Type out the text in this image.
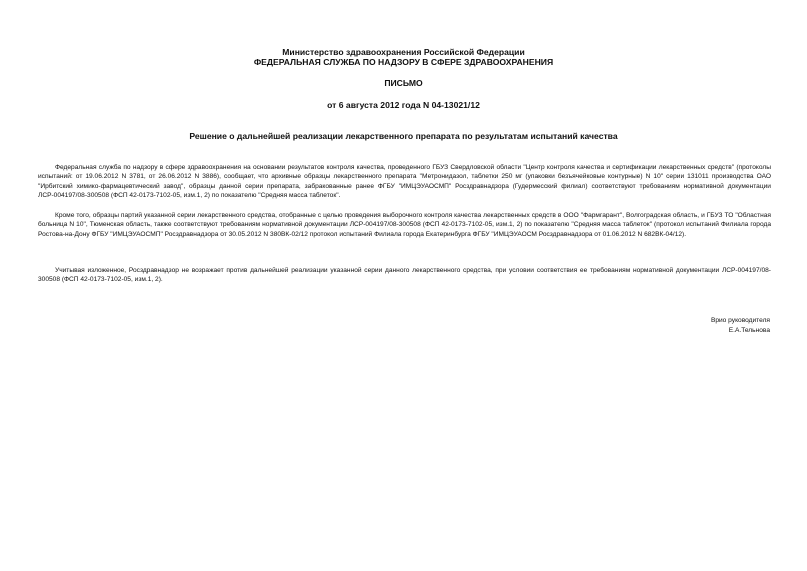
Министерство здравоохранения Российской Федерации
ФЕДЕРАЛЬНАЯ СЛУЖБА ПО НАДЗОРУ В СФЕРЕ ЗДРАВООХРАНЕНИЯ
ПИСЬМО
от 6 августа 2012 года N 04-13021/12
Решение о дальнейшей реализации лекарственного препарата по результатам испытаний качества

Федеральная служба по надзору в сфере здравоохранения на основании результатов контроля качества, проведенного ГБУЗ Свердловской области "Центр контроля качества и сертификации лекарственных средств" (протоколы испытаний: от 19.06.2012 N 3781, от 26.06.2012 N 3886), сообщает, что архивные образцы лекарственного препарата "Метронидазол, таблетки 250 мг (упаковки безъячейковые контурные) N 10" серии 131011 производства ОАО "Ирбитский химико-фармацевтический завод", образцы данной серии препарата, забракованные ранее ФГБУ "ИМЦЭУАОСМП" Росздравнадзора (Гудермесский филиал) соответствуют требованиям нормативной документации ЛСР-004197/08-300508 (ФСП 42-0173-7102-05, изм.1, 2) по показателю "Средняя масса таблеток".

Кроме того, образцы партий указанной серии лекарственного средства, отобранные с целью проведения выборочного контроля качества лекарственных средств в ООО "Фармгарант", Волгоградская область, и ГБУЗ ТО "Областная больница N 10", Тюменская область, также соответствуют требованиям нормативной документации ЛСР-004197/08-300508 (ФСП 42-0173-7102-05, изм.1, 2) по показателю "Средняя масса таблеток" (протокол испытаний Филиала города Ростова-на-Дону ФГБУ "ИМЦЭУАОСМП" Росздравнадзора от 30.05.2012 N 380ВК-02/12 протокол испытаний Филиала города Екатеринбурга ФГБУ "ИМЦЭУАОСМ Росздравнадзора от 01.06.2012 N 682ВК-04/12).

Учитывая изложенное, Росздравнадзор не возражает против дальнейшей реализации указанной серии данного лекарственного средства, при условии соответствия ее требованиям нормативной документации ЛСР-004197/08-300508 (ФСП 42-0173-7102-05, изм.1, 2).

Врио руководителя
Е.А.Тельнова
